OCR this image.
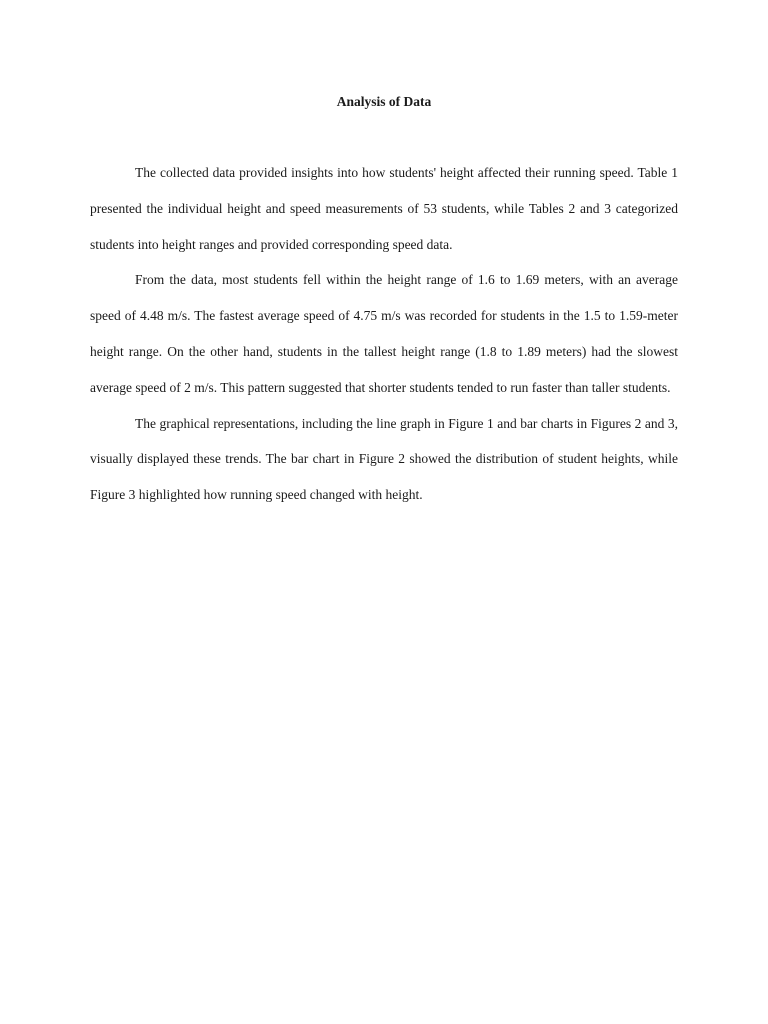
Analysis of Data

The collected data provided insights into how students' height affected their running speed. Table 1 presented the individual height and speed measurements of 53 students, while Tables 2 and 3 categorized students into height ranges and provided corresponding speed data.

From the data, most students fell within the height range of 1.6 to 1.69 meters, with an average speed of 4.48 m/s. The fastest average speed of 4.75 m/s was recorded for students in the 1.5 to 1.59-meter height range. On the other hand, students in the tallest height range (1.8 to 1.89 meters) had the slowest average speed of 2 m/s. This pattern suggested that shorter students tended to run faster than taller students.

The graphical representations, including the line graph in Figure 1 and bar charts in Figures 2 and 3, visually displayed these trends. The bar chart in Figure 2 showed the distribution of student heights, while Figure 3 highlighted how running speed changed with height.
